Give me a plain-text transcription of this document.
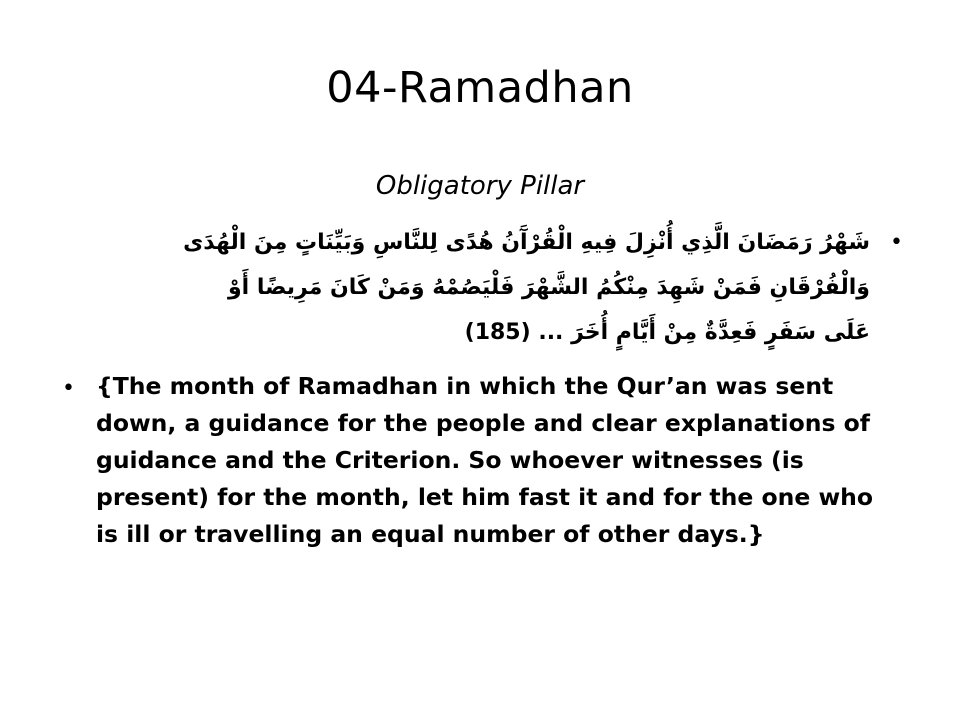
04-Ramadhan
Obligatory Pillar
•
شَهْرُ رَمَضَانَ الَّذِي أُنْزِلَ فِيهِ الْقُرْآَنُ هُدًى لِلنَّاسِ وَبَيِّنَاتٍ مِنَ الْهُدَى وَالْفُرْقَانِ فَمَنْ شَهِدَ مِنْكُمُ الشَّهْرَ فَلْيَصُمْهُ وَمَنْ كَانَ مَرِيضًا أَوْ عَلَى سَفَرٍ فَعِدَّةٌ مِنْ أَيَّامٍ أُخَرَ ... (185)
• {The month of Ramadhan in which the Qur’an was sent down, a guidance for the people and clear explanations of guidance and the Criterion. So whoever witnesses (is present) for the month, let him fast it and for the one who is ill or travelling an equal number of other days.}
